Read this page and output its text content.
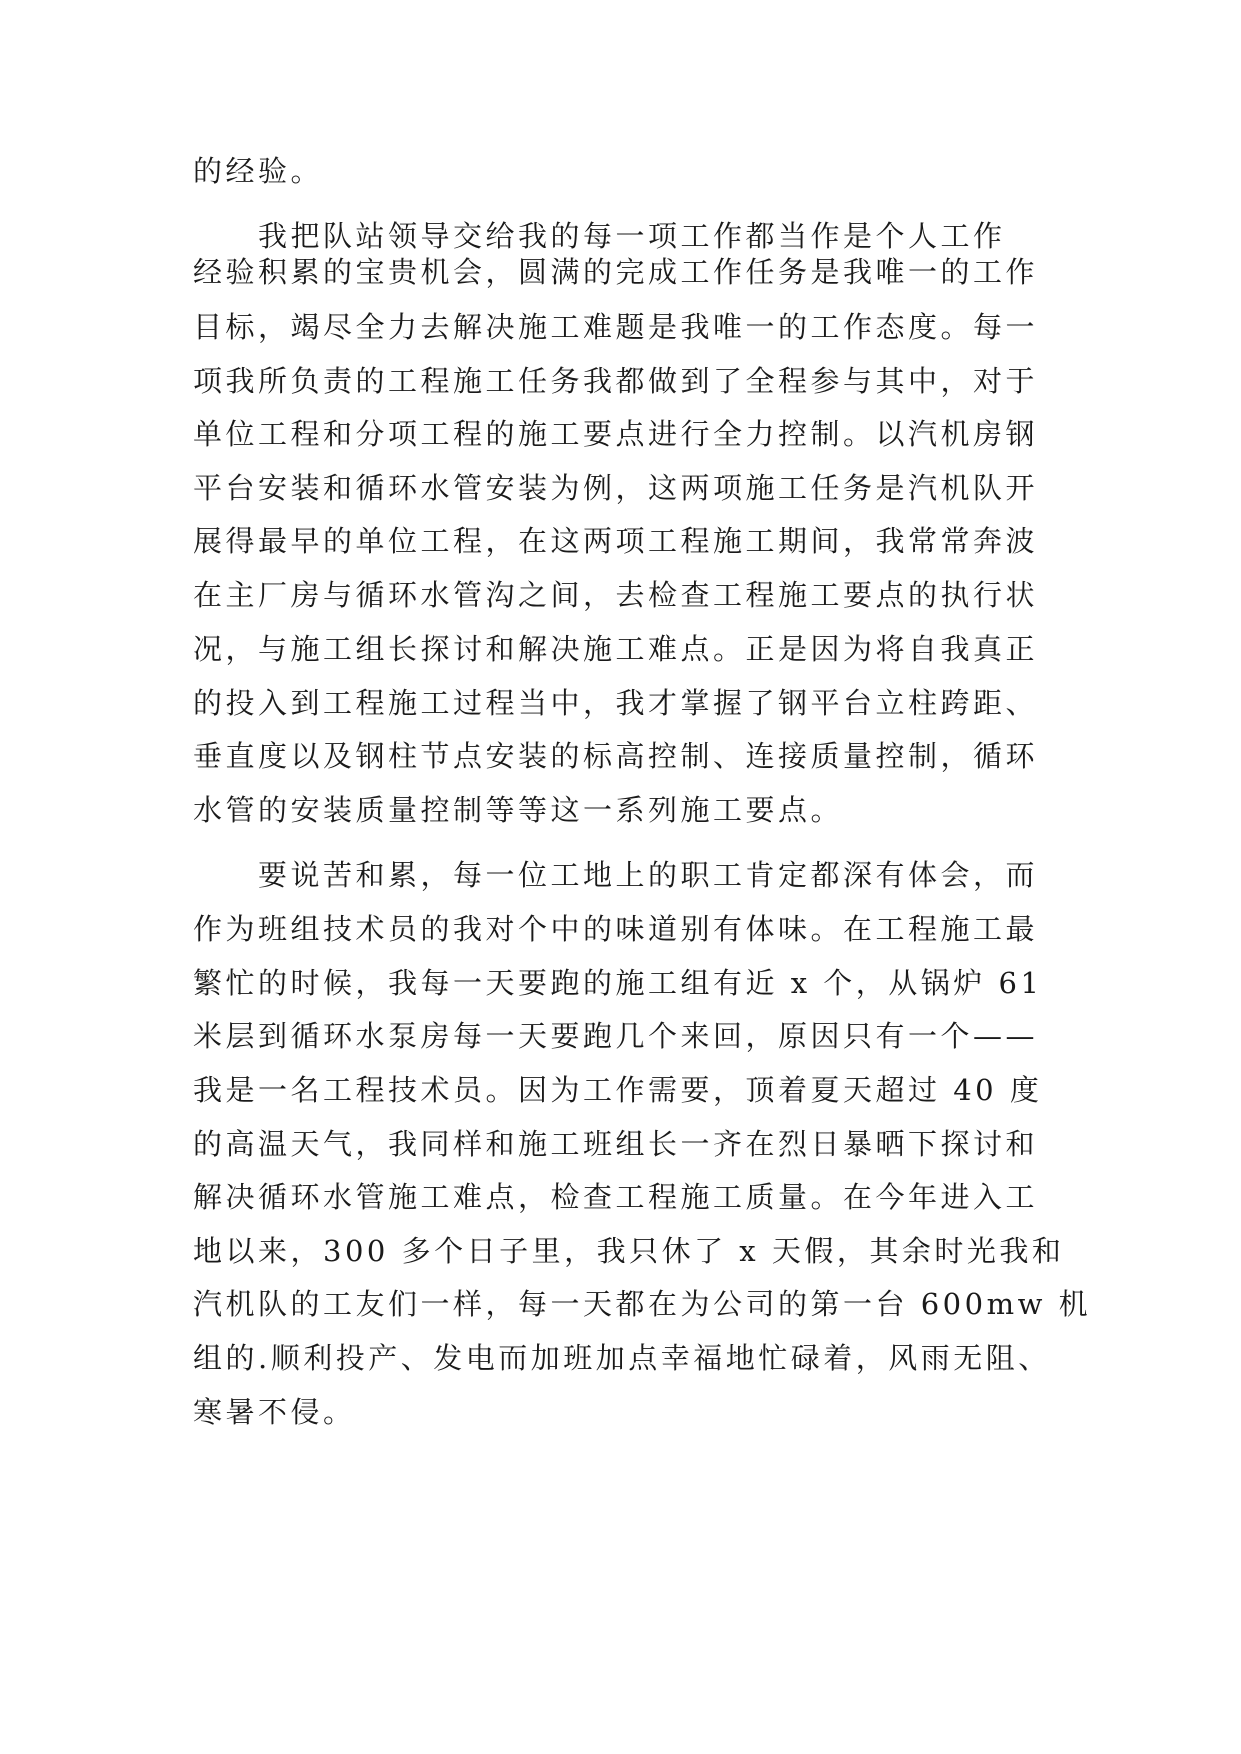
的经验。

我把队站领导交给我的每一项工作都当作是个人工作

经验积累的宝贵机会，圆满的完成工作任务是我唯一的工作

目标，竭尽全力去解决施工难题是我唯一的工作态度。每一

项我所负责的工程施工任务我都做到了全程参与其中，对于

单位工程和分项工程的施工要点进行全力控制。以汽机房钢

平台安装和循环水管安装为例，这两项施工任务是汽机队开

展得最早的单位工程，在这两项工程施工期间，我常常奔波

在主厂房与循环水管沟之间，去检查工程施工要点的执行状

况，与施工组长探讨和解决施工难点。正是因为将自我真正

的投入到工程施工过程当中，我才掌握了钢平台立柱跨距、

垂直度以及钢柱节点安装的标高控制、连接质量控制，循环

水管的安装质量控制等等这一系列施工要点。

要说苦和累，每一位工地上的职工肯定都深有体会，而

作为班组技术员的我对个中的味道别有体味。在工程施工最

繁忙的时候，我每一天要跑的施工组有近 x 个，从锅炉 61

米层到循环水泵房每一天要跑几个来回，原因只有一个——

我是一名工程技术员。因为工作需要，顶着夏天超过 40 度

的高温天气，我同样和施工班组长一齐在烈日暴晒下探讨和

解决循环水管施工难点，检查工程施工质量。在今年进入工

地以来，300 多个日子里，我只休了 x 天假，其余时光我和

汽机队的工友们一样，每一天都在为公司的第一台 600mw 机

组的.顺利投产、发电而加班加点幸福地忙碌着，风雨无阻、

寒暑不侵。
